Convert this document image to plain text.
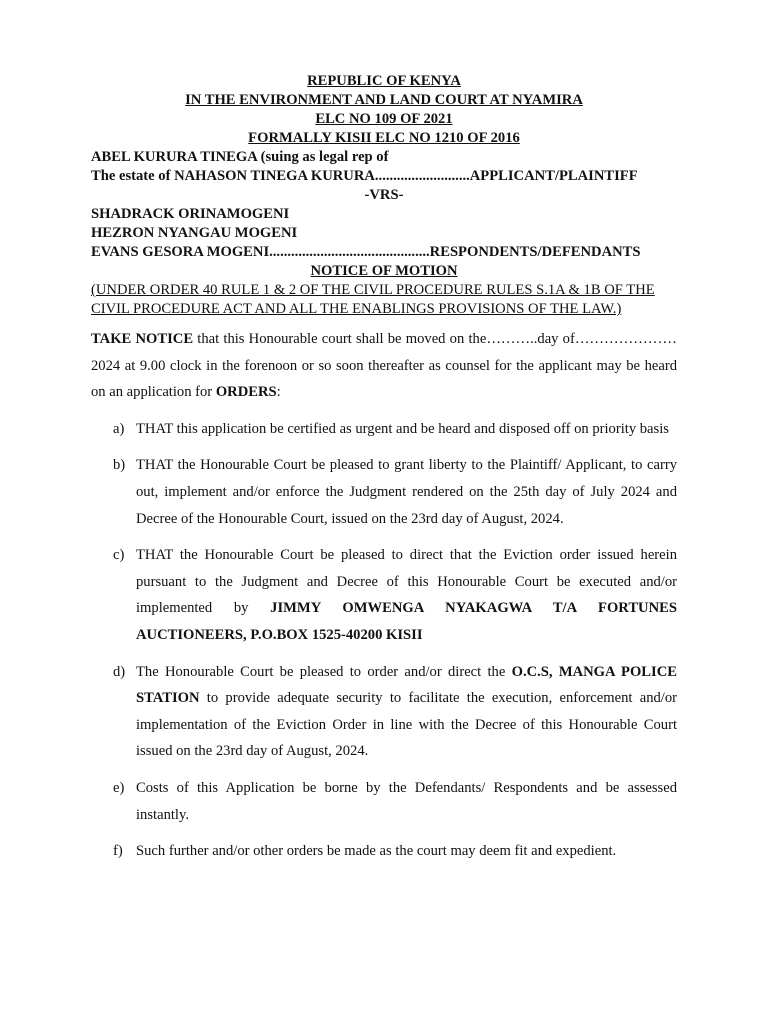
REPUBLIC OF KENYA

IN THE ENVIRONMENT AND LAND COURT AT NYAMIRA

ELC NO 109 OF 2021

FORMALLY KISII ELC NO 1210 OF 2016

ABEL KURURA TINEGA (suing as legal rep of

The estate of NAHASON TINEGA KURURA..........................APPLICANT/PLAINTIFF

-VRS-

SHADRACK ORINAMOGENI

HEZRON NYANGAU MOGENI

EVANS GESORA MOGENI............................................RESPONDENTS/DEFENDANTS

NOTICE OF MOTION

(UNDER ORDER 40 RULE 1 & 2 OF THE CIVIL PROCEDURE RULES S.1A & 1B OF THE CIVIL PROCEDURE ACT AND ALL THE ENABLINGS PROVISIONS OF THE LAW.)

TAKE NOTICE that this Honourable court shall be moved on the………..day of…………………2024 at 9.00 clock in the forenoon or so soon thereafter as counsel for the applicant may be heard on an application for ORDERS:

a) THAT this application be certified as urgent and be heard and disposed off on priority basis
b) THAT the Honourable Court be pleased to grant liberty to the Plaintiff/ Applicant, to carry out, implement and/or enforce the Judgment rendered on the 25th day of July 2024 and Decree of the Honourable Court, issued on the 23rd day of August, 2024.
c) THAT the Honourable Court be pleased to direct that the Eviction order issued herein pursuant to the Judgment and Decree of this Honourable Court be executed and/or implemented by JIMMY OMWENGA NYAKAGWA T/A FORTUNES AUCTIONEERS, P.O.BOX 1525-40200 KISII
d) The Honourable Court be pleased to order and/or direct the O.C.S, MANGA POLICE STATION to provide adequate security to facilitate the execution, enforcement and/or implementation of the Eviction Order in line with the Decree of this Honourable Court issued on the 23rd day of August, 2024.
e) Costs of this Application be borne by the Defendants/ Respondents and be assessed instantly.
f) Such further and/or other orders be made as the court may deem fit and expedient.
